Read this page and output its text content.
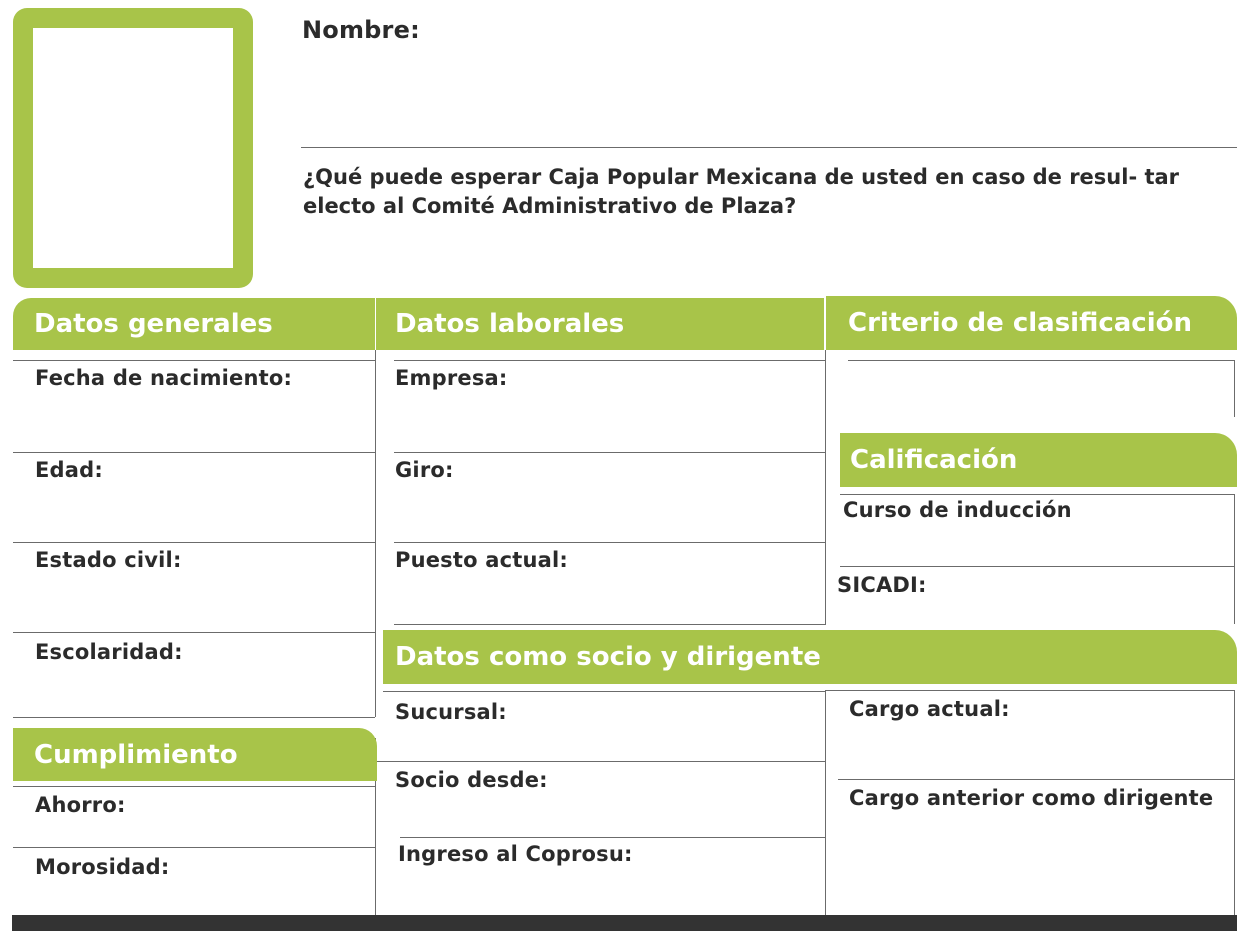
Nombre:
¿Qué puede esperar Caja Popular Mexicana de usted en caso de resul- tar electo al Comité Administrativo de Plaza?
Datos generales	Datos laborales	Criterio de clasificación
Fecha de nacimiento:
Edad:
Estado civil:
Escolaridad:
Empresa:
Giro:
Puesto actual:
Calificación
Curso de inducción
SICADI:
Datos como socio y dirigente
Sucursal:
Socio desde:
Ingreso al Coprosu:
Cargo actual:
Cargo anterior como dirigente
Cumplimiento
Ahorro:
Morosidad:
